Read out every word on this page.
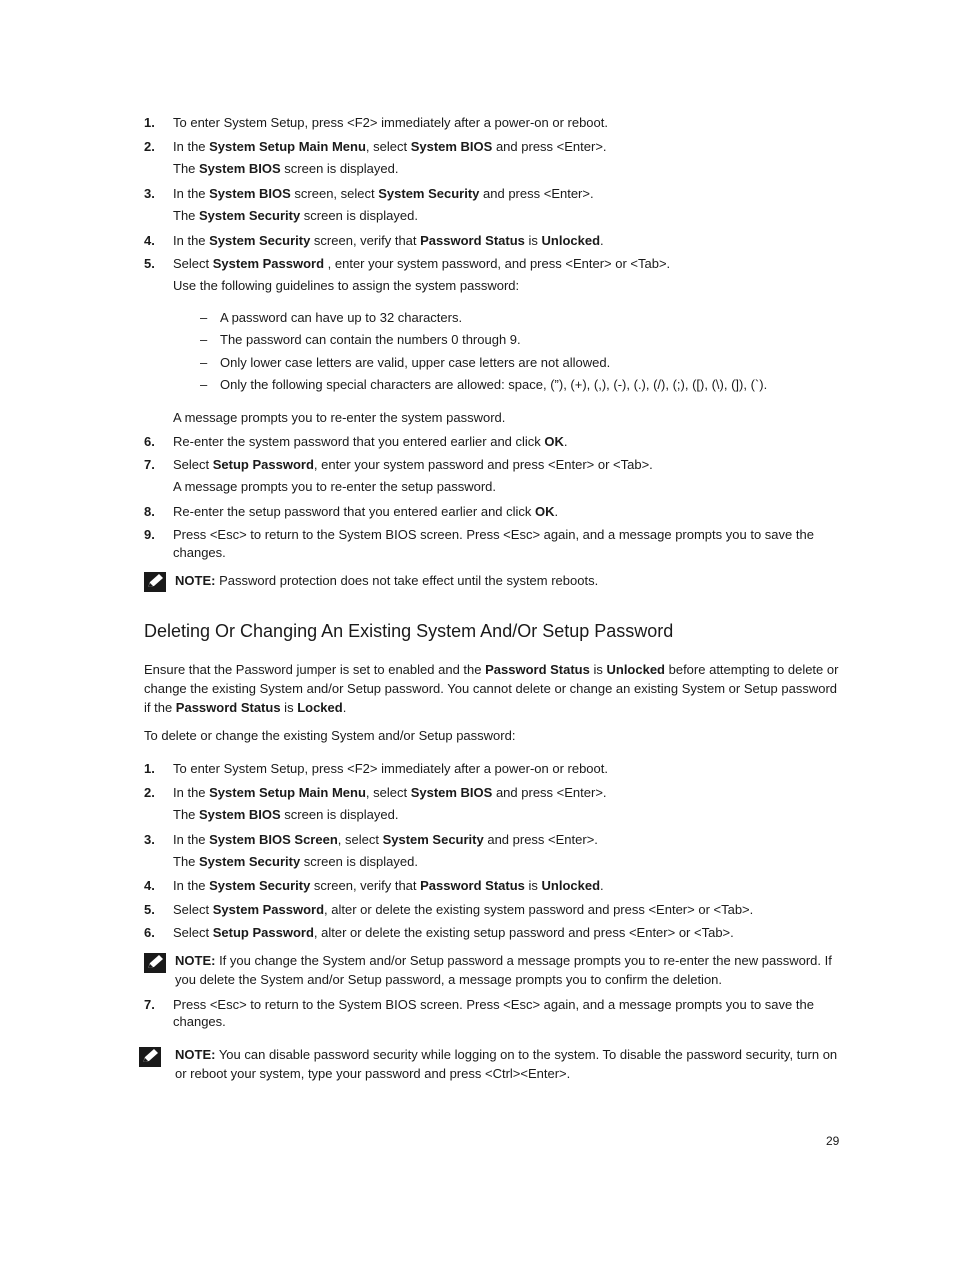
1. To enter System Setup, press <F2> immediately after a power-on or reboot.
2. In the System Setup Main Menu, select System BIOS and press <Enter>.
The System BIOS screen is displayed.
3. In the System BIOS screen, select System Security and press <Enter>.
The System Security screen is displayed.
4. In the System Security screen, verify that Password Status is Unlocked.
5. Select System Password , enter your system password, and press <Enter> or <Tab>.
Use the following guidelines to assign the system password:
– A password can have up to 32 characters.
– The password can contain the numbers 0 through 9.
– Only lower case letters are valid, upper case letters are not allowed.
– Only the following special characters are allowed: space, (”), (+), (,), (-), (.), (/), (;), ([), (\), (]), (`).
A message prompts you to re-enter the system password.
6. Re-enter the system password that you entered earlier and click OK.
7. Select Setup Password, enter your system password and press <Enter> or <Tab>.
A message prompts you to re-enter the setup password.
8. Re-enter the setup password that you entered earlier and click OK.
9. Press <Esc> to return to the System BIOS screen. Press <Esc> again, and a message prompts you to save the
changes.
NOTE: Password protection does not take effect until the system reboots.
Deleting Or Changing An Existing System And/Or Setup Password
Ensure that the Password jumper is set to enabled and the Password Status is Unlocked before attempting to delete or
change the existing System and/or Setup password. You cannot delete or change an existing System or Setup password
if the Password Status is Locked.
To delete or change the existing System and/or Setup password:
1. To enter System Setup, press <F2> immediately after a power-on or reboot.
2. In the System Setup Main Menu, select System BIOS and press <Enter>.
The System BIOS screen is displayed.
3. In the System BIOS Screen, select System Security and press <Enter>.
The System Security screen is displayed.
4. In the System Security screen, verify that Password Status is Unlocked.
5. Select System Password, alter or delete the existing system password and press <Enter> or <Tab>.
6. Select Setup Password, alter or delete the existing setup password and press <Enter> or <Tab>.
NOTE: If you change the System and/or Setup password a message prompts you to re-enter the new password. If
you delete the System and/or Setup password, a message prompts you to confirm the deletion.
7. Press <Esc> to return to the System BIOS screen. Press <Esc> again, and a message prompts you to save the
changes.
NOTE: You can disable password security while logging on to the system. To disable the password security, turn on
or reboot your system, type your password and press <Ctrl><Enter>.
29
